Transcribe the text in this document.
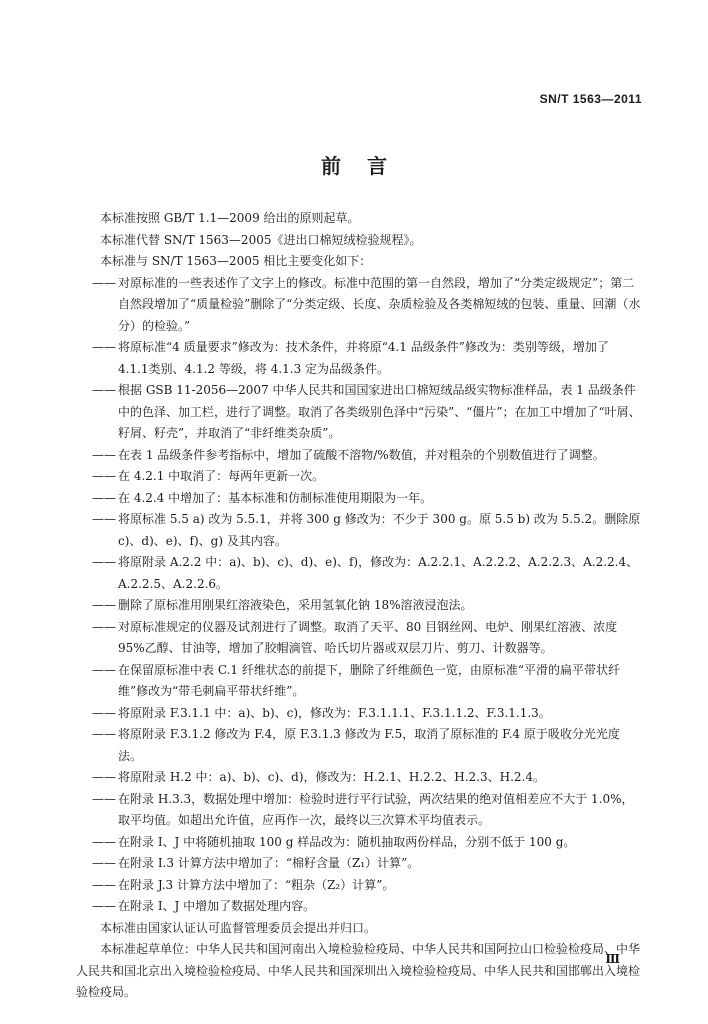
SN/T 1563—2011
前言

本标准按照 GB/T 1.1—2009 给出的原则起草。

本标准代替 SN/T 1563—2005《进出口棉短绒检验规程》。

本标准与 SN/T 1563—2005 相比主要变化如下：

—— 对原标准的一些表述作了文字上的修改。标准中范围的第一自然段，增加了“分类定级规定”；第二自然段增加了“质量检验”删除了“分类定级、长度、杂质检验及各类棉短绒的包装、重量、回潮（水分）的检验。”

—— 将原标准“4 质量要求”修改为：技术条件，并将原“4.1 品级条件”修改为：类别等级，增加了 4.1.1类别、4.1.2 等级，将 4.1.3 定为品级条件。

—— 根据 GSB 11-2056—2007 中华人民共和国国家进出口棉短绒品级实物标准样品，表 1 品级条件中的色泽、加工栏，进行了调整。取消了各类级别色泽中“污染”、“僵片”；在加工中增加了“叶屑、籽屑、籽壳”，并取消了“非纤维类杂质”。

—— 在表 1 品级条件参考指标中，增加了硫酸不溶物/%数值，并对粗杂的个别数值进行了调整。

—— 在 4.2.1 中取消了：每两年更新一次。

—— 在 4.2.4 中增加了：基本标准和仿制标准使用期限为一年。

—— 将原标准 5.5 a) 改为 5.5.1，并将 300 g 修改为：不少于 300 g。原 5.5 b) 改为 5.5.2。删除原 c)、d)、e)、f)、g) 及其内容。

—— 将原附录 A.2.2 中：a)、b)、c)、d)、e)、f)，修改为：A.2.2.1、A.2.2.2、A.2.2.3、A.2.2.4、A.2.2.5、A.2.2.6。

—— 删除了原标准用刚果红溶液染色，采用氢氧化钠 18%溶液浸泡法。

—— 对原标准规定的仪器及试剂进行了调整。取消了天平、80 目钢丝网、电炉、刚果红溶液、浓度 95%乙醇、甘油等，增加了胶帽滴管、哈氏切片器或双层刀片、剪刀、计数器等。

—— 在保留原标准中表 C.1 纤维状态的前提下，删除了纤维颜色一览，由原标准“平滑的扁平带状纤维”修改为“带毛刺扁平带状纤维”。

—— 将原附录 F.3.1.1 中：a)、b)、c)，修改为：F.3.1.1.1、F.3.1.1.2、F.3.1.1.3。

—— 将原附录 F.3.1.2 修改为 F.4，原 F.3.1.3 修改为 F.5，取消了原标准的 F.4 原于吸收分光光度法。

—— 将原附录 H.2 中：a)、b)、c)、d)，修改为：H.2.1、H.2.2、H.2.3、H.2.4。

—— 在附录 H.3.3，数据处理中增加：检验时进行平行试验，两次结果的绝对值相差应不大于 1.0%，取平均值。如超出允许值，应再作一次，最终以三次算术平均值表示。

—— 在附录 I、J 中将随机抽取 100 g 样品改为：随机抽取两份样品，分别不低于 100 g。

—— 在附录 I.3 计算方法中增加了：“棉籽含量（Z₁）计算”。

—— 在附录 J.3 计算方法中增加了：“粗杂（Z₂）计算”。

—— 在附录 I、J 中增加了数据处理内容。

本标准由国家认证认可监督管理委员会提出并归口。

本标准起草单位：中华人民共和国河南出入境检验检疫局、中华人民共和国阿拉山口检验检疫局、中华人民共和国北京出入境检验检疫局、中华人民共和国深圳出入境检验检疫局、中华人民共和国邯郸出入境检验检疫局。

Ⅲ
